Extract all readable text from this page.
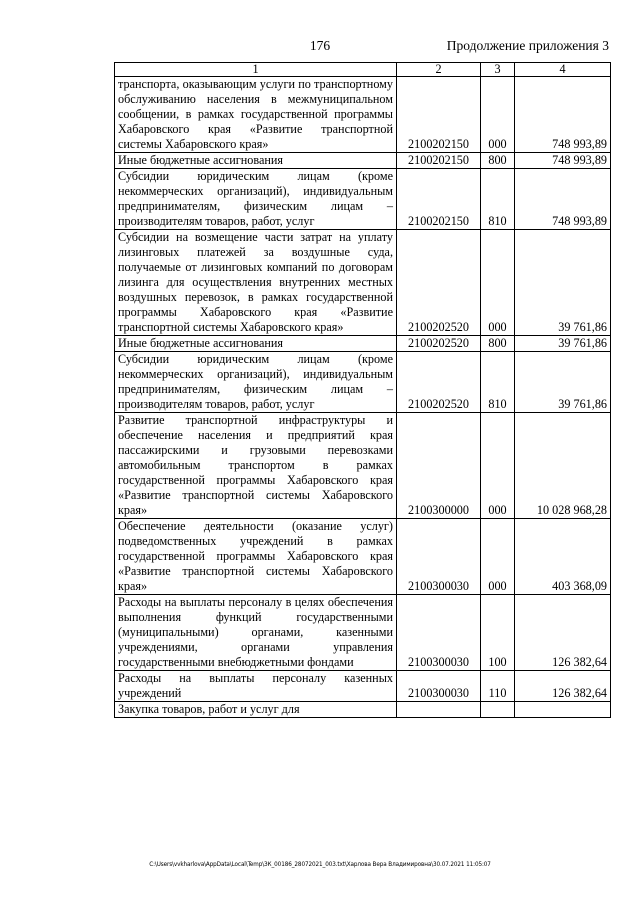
176	Продолжение приложения 3
1	2	3	4
транспорта, оказывающим услуги по транспортному обслуживанию населения в межмуниципальном сообщении, в рамках государственной программы Хабаровского края «Развитие транспортной системы Хабаровского края»	2100202150	000	748 993,89
Иные бюджетные ассигнования	2100202150	800	748 993,89
Субсидии юридическим лицам (кроме некоммерческих организаций), индивидуальным предпринимателям, физическим лицам – производителям товаров, работ, услуг	2100202150	810	748 993,89
Субсидии на возмещение части затрат на уплату лизинговых платежей за воздушные суда, получаемые от лизинговых компаний по договорам лизинга для осуществления внутренних местных воздушных перевозок, в рамках государственной программы Хабаровского края «Развитие транспортной системы Хабаровского края»	2100202520	000	39 761,86
Иные бюджетные ассигнования	2100202520	800	39 761,86
Субсидии юридическим лицам (кроме некоммерческих организаций), индивидуальным предпринимателям, физическим лицам – производителям товаров, работ, услуг	2100202520	810	39 761,86
Развитие транспортной инфраструктуры и обеспечение населения и предприятий края пассажирскими и грузовыми перевозками автомобильным транспортом в рамках государственной программы Хабаровского края «Развитие транспортной системы Хабаровского края»	2100300000	000	10 028 968,28
Обеспечение деятельности (оказание услуг) подведомственных учреждений в рамках государственной программы Хабаровского края «Развитие транспортной системы Хабаровского края»	2100300030	000	403 368,09
Расходы на выплаты персоналу в целях обеспечения выполнения функций государственными (муниципальными) органами, казенными учреждениями, органами управления государственными внебюджетными фондами	2100300030	100	126 382,64
Расходы на выплаты персоналу казенных учреждений	2100300030	110	126 382,64
Закупка товаров, работ и услуг для			
C:\Users\vvkharlova\AppData\Local\Temp\ЗК_00186_28072021_003.txt\Харлова Вера Владимировна\30.07.2021 11:05:07
